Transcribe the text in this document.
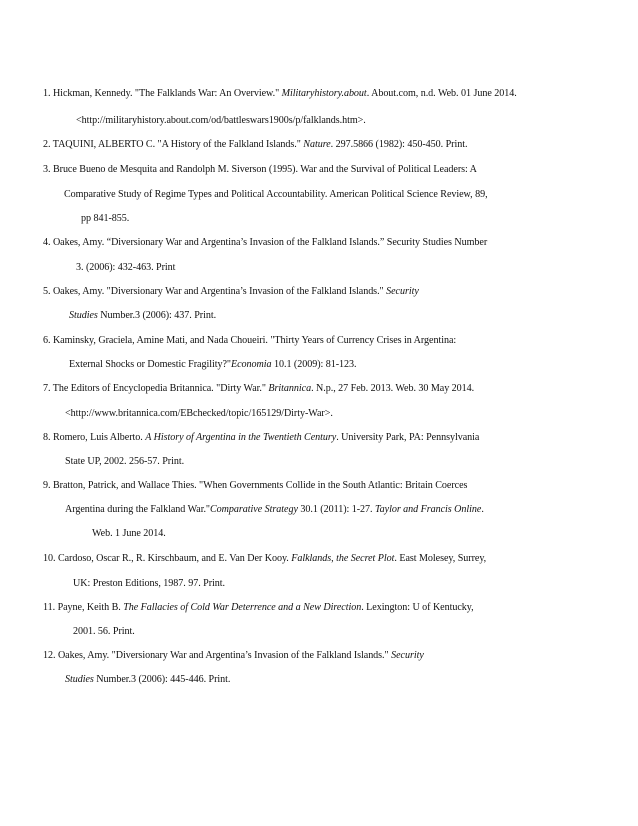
1. Hickman, Kennedy. "The Falklands War: An Overview." Militaryhistory.about. About.com, n.d. Web. 01 June 2014.
<http://militaryhistory.about.com/od/battleswars1900s/p/falklands.htm>.
2. TAQUINI, ALBERTO C. "A History of the Falkland Islands." Nature. 297.5866 (1982): 450-450. Print.
3. Bruce Bueno de Mesquita and Randolph M. Siverson (1995). War and the Survival of Political Leaders: A
Comparative Study of Regime Types and Political Accountability. American Political Science Review, 89,
pp 841-855.
4. Oakes, Amy. “Diversionary War and Argentina’s Invasion of the Falkland Islands.” Security Studies Number
3. (2006): 432-463. Print
5. Oakes, Amy. "Diversionary War and Argentina’s Invasion of the Falkland Islands." Security
Studies Number.3 (2006): 437. Print.
6. Kaminsky, Graciela, Amine Mati, and Nada Choueiri. "Thirty Years of Currency Crises in Argentina:
External Shocks or Domestic Fragility?"Economia 10.1 (2009): 81-123.
7. The Editors of Encyclopedia Britannica. "Dirty War." Britannica. N.p., 27 Feb. 2013. Web. 30 May 2014.
<http://www.britannica.com/EBchecked/topic/165129/Dirty-War>.
8. Romero, Luis Alberto. A History of Argentina in the Twentieth Century. University Park, PA: Pennsylvania
State UP, 2002. 256-57. Print.
9. Bratton, Patrick, and Wallace Thies. "When Governments Collide in the South Atlantic: Britain Coerces
Argentina during the Falkland War."Comparative Strategy 30.1 (2011): 1-27. Taylor and Francis Online.
Web. 1 June 2014.
10. Cardoso, Oscar R., R. Kirschbaum, and E. Van Der Kooy. Falklands, the Secret Plot. East Molesey, Surrey,
UK: Preston Editions, 1987. 97. Print.
11. Payne, Keith B. The Fallacies of Cold War Deterrence and a New Direction. Lexington: U of Kentucky,
2001. 56. Print.
12. Oakes, Amy. "Diversionary War and Argentina’s Invasion of the Falkland Islands." Security
Studies Number.3 (2006): 445-446. Print.
